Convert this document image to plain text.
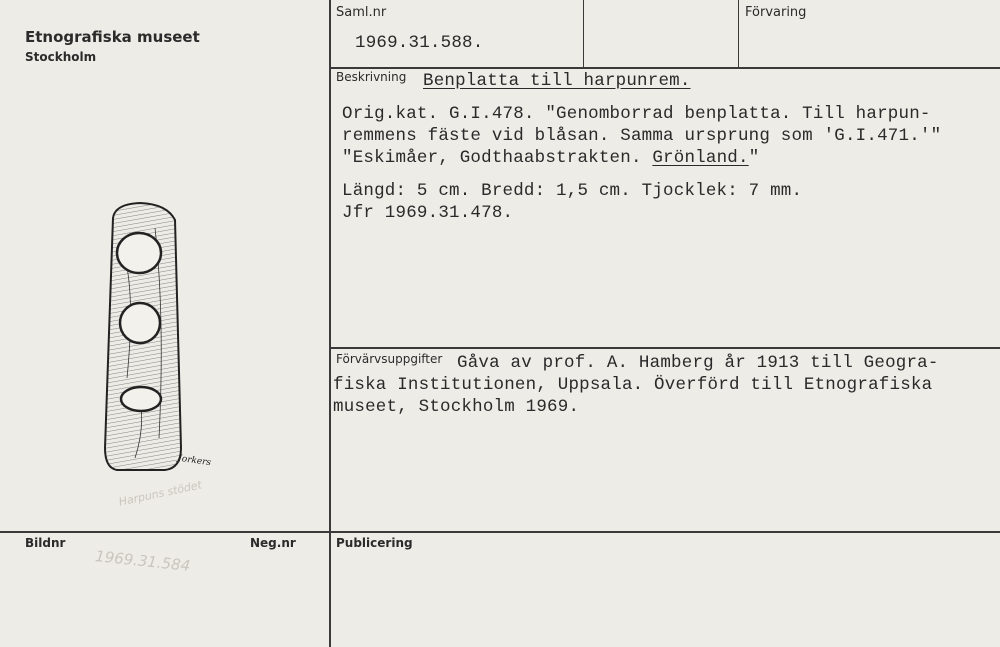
Etnografiska museet
Stockholm
Jorkers
Harpuns stödet
1969.31.584
Saml.nr
1969.31.588.
Förvaring
Beskrivning Benplatta till harpunrem.
Orig.kat. G.I.478. "Genomborrad benplatta. Till harpun-
remmens fäste vid blåsan. Samma ursprung som 'G.I.471.'"
"Eskimåer, Godthaabstrakten. Grönland."
Längd: 5 cm. Bredd: 1,5 cm. Tjocklek: 7 mm.
Jfr 1969.31.478.
Förvärvsuppgifter Gåva av prof. A. Hamberg år 1913 till Geogra-
fiska Institutionen, Uppsala. Överförd till Etnografiska
museet, Stockholm 1969.
Bildnr	Neg.nr	Publicering
